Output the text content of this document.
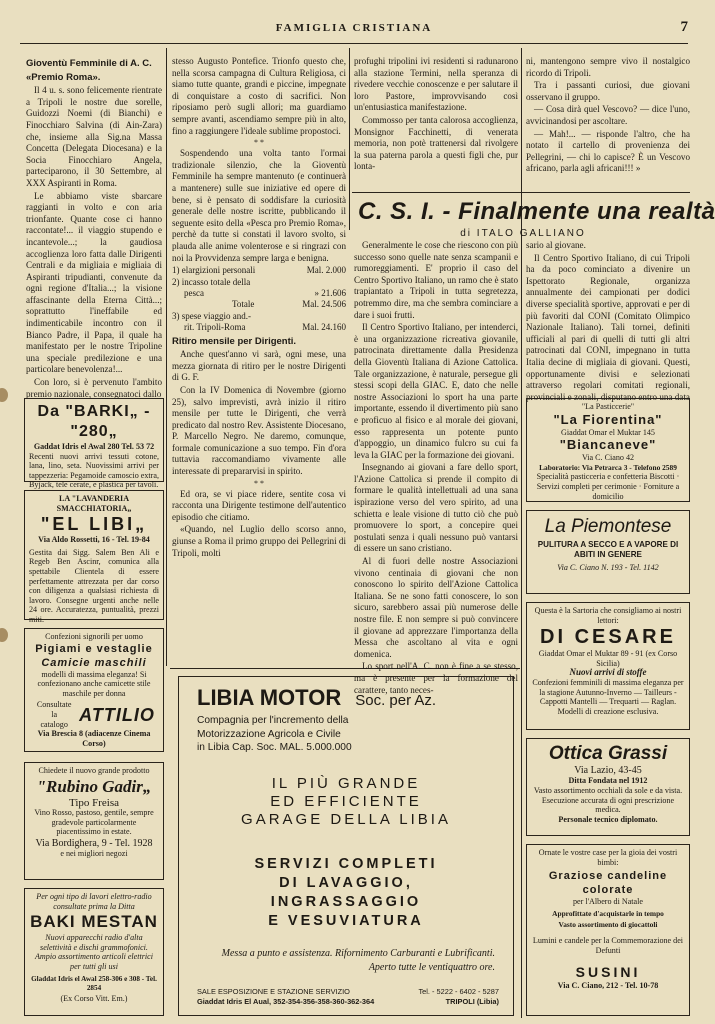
FAMIGLIA CRISTIANA	7
Gioventù Femminile di A. C.
«Premio Roma».

Il 4 u. s. sono felicemente rientrate a Tripoli le nostre due sorelle, Guidozzi Noemi (di Bianchi) e Finocchiaro Salvina (di Ain-Zara) che, insieme alla Sig.na Massa Concetta (Delegata Diocesana) e la Socia Finocchiaro Angela, parteciparono, il 30 Settembre, al XXX Aspiranti in Roma.

Le abbiamo viste sbarcare raggianti in volto e con aria trionfante. Quante cose ci hanno raccontate!... il viaggio stupendo e incantevole...; la gaudiosa accoglienza loro fatta dalle Dirigenti Centrali e da migliaia e migliaia di Aspiranti tripudianti, convenute da ogni regione d'Italia...; la visione affascinante della Eterna Città...; soprattutto l'ineffabile ed indimenticabile incontro con il Bianco Padre, il Papa, il quale ha manifestato per le nostre Tripoline una speciale predilezione e una particolare benevolenza!...

Con loro, si è pervenuto l'ambito premio nazionale, consegnatoci dallo

Da "BARKI„ -"280„
Gaddat Idris el Awal 280 Tel. 53 72
Recenti nuovi arrivi tessuti cotone, lana, lino, seta. Nuovissimi arrivi per tappezzeria: Pegamoide camoscio extra, Byjack, tele cerate, e plastica per tavoli.
LA "LAVANDERIA SMACCHIATORIA„
"EL LIBI„
Via Aldo Rossetti, 16 - Tel. 19-84
Gestita dai Sigg. Salem Ben Ali e Regeb Ben Ascinr, comunica alla spettabile Clientela di essere perfettamente attrezzata per dar corso con diligenza a qualsiasi richiesta di lavoro. Consegne urgenti anche nelle 24 ore. Accuratezza, puntualità, prezzi miti.
Confezioni signorili per uomo
Pigiami e vestaglie
Camicie maschili
modelli di massima eleganza! Si confezionano anche camicette stile maschile per donna
Consultate la
catalogo ATTILIO
Via Brescia 8 (adiacenze Cinema Corso)
Chiedete il nuovo grande prodotto
"Rubino Gadir„
Tipo Freisa
Vino Rosso, pastoso, gentile, sempre gradevole particolarmente piacentissimo in estate.
Via Bordighera, 9 - Tel. 1928
e nei migliori negozi
Per ogni tipo di lavori elettro-radio consultate prima la Ditta
BAKI MESTAN
Nuovi apparecchi radio d'alta selettività e dischi grammofonici. Ampio assortimento articoli elettrici per tutti gli usi
Gladdat Idris el Awal 258-306 e 308 - Tel. 2854
(Ex Corso Vitt. Em.)

stesso Augusto Pontefice. Trionfo questo che, nella scorsa campagna di Cultura Religiosa, ci siamo tutte quante, grandi e piccine, impegnate di conquistare a costo di sacrifici. Non riposiamo però sugli allori; ma guardiamo sempre avanti, ascendiamo sempre più in alto, fino a raggiungere l'ideale sublime propostoci.

* *

Sospendendo una volta tanto l'ormai tradizionale silenzio, che la Gioventù Femminile ha sempre mantenuto (e continuerà a mantenere) sulle sue iniziative ed opere di bene, si è pensato di soddisfare la curiosità generale delle nostre iscritte, pubblicando il seguente esito della «Pesca pro Premio Roma», perchè da tutte si constati il lavoro svolto, si plauda alle anime volenterose e si ringrazi con noi la Provvidenza sempre larga e benigna.

1) elargizioni personali	Mal. 2.000
2) incasso totale della
pesca	» 21.606
Totale	Mal. 24.506
3) spese viaggio and.-
rit. Tripoli-Roma	Mal. 24.160
Ritiro mensile per Dirigenti.

Anche quest'anno vi sarà, ogni mese, una mezza giornata di ritiro per le nostre Dirigenti di G. F.

Con la IV Domenica di Novembre (giorno 25), salvo imprevisti, avrà inizio il ritiro mensile per tutte le Dirigenti, che verrà predicato dal nostro Rev. Assistente Diocesano, P. Marcello Negro. Ne daremo, comunque, formale comunicazione a suo tempo. Fin d'ora tuttavia raccomandiamo vivamente alle interessate di prepararvisi in spirito.

* *

Ed ora, se vi piace ridere, sentite cosa vi racconta una Dirigente testimone dell'autentico episodio che citiamo.

«Quando, nel Luglio dello scorso anno, giunse a Roma il primo gruppo dei Pellegrini di Tripoli, molti

profughi tripolini ivi residenti si radunarono alla stazione Termini, nella speranza di rivedere vecchie conoscenze e per salutare il loro Pastore, improvvisando così un'entusiastica manifestazione.

Commosso per tanta calorosa accoglienza, Monsignor Facchinetti, di venerata memoria, non potè trattenersi dal rivolgere la sua paterna parola a questi figli che, pur lonta-

ni, mantengono sempre vivo il nostalgico ricordo di Tripoli.

Tra i passanti curiosi, due giovani osservano il gruppo.

— Cosa dirà quel Vescovo? — dice l'uno, avvicinandosi per ascoltare.

— Mah!... — risponde l'altro, che ha notato il cartello di provenienza dei Pellegrini, — chi lo capisce? È un Vescovo africano, parla agli africani!!! »

C. S. I. - Finalmente una realtà
di ITALO GALLIANO

Generalmente le cose che riescono con più successo sono quelle nate senza scampanii e rumoreggiamenti. E' proprio il caso del Centro Sportivo Italiano, un ramo che è stato trapiantato a Tripoli in tutta segretezza, potremmo dire, ma che sembra cominciare a dare i suoi frutti.

Il Centro Sportivo Italiano, per intenderci, è una organizzazione ricreativa giovanile, patrocinata direttamente dalla Presidenza della Gioventù Italiana di Azione Cattolica. Tale organizzazione, è naturale, persegue gli stessi scopi della GIAC. E, dato che nelle nostre Associazioni lo sport ha una parte importante, essendo il divertimento più sano e proficuo al fisico e al morale dei giovani, esso rappresenta un potente punto d'appoggio, un dinamico fulcro su cui fa leva la GIAC per la formazione dei giovani.

Insegnando ai giovani a fare dello sport, l'Azione Cattolica si prende il compito di formare le qualità intellettuali ad una sana ispirazione verso del vero spirito, ad una schietta e leale visione di tutto ciò che può promuovere lo sport, a concepire quei postulati senza i quali nessuno può vantarsi di essere un sano cristiano.

Al di fuori delle nostre Associazioni vivono centinaia di giovani che non conoscono lo spirito dell'Azione Cattolica Italiana. Se ne sono fatti conoscere, lo son sicuro, sarebbero assai più numerose delle nostre file. E non sempre si può convincere il giovane ad apprezzare l'importanza della Messa che ascoltano al vita e ogni domenica.

Lo sport nell'A. C. non è fine a se stesso, ma è presente per la formazione del carattere, tanto neces-

sario al giovane.

Il Centro Sportivo Italiano, di cui Tripoli ha da poco cominciato a divenire un Ispettorato Regionale, organizza annualmente dei campionati per dodici diverse specialità sportive, approvati e per di più favoriti dal CONI (Comitato Olimpico Nazionale Italiano). Tali tornei, definiti ufficiali al pari di quelli di tutti gli altri patrocinati dal CONI, impegnano in tutta Italia decine di migliaia di giovani. Questi, opportunamente divisi e selezionati attraverso regolari comitati regionali, provinciali e zonali, disputano entro una data

"La Pasticcerie"
"La Fiorentina"
Giaddat Omar el Muktar 145
"Biancaneve"
Via C. Ciano 42
Laboratorio: Via Petrarca 3 - Telefono 2589
Specialità pasticceria e confetteria Biscotti · Servizi completi per cerimonie · Forniture a domicilio
La Piemontese
PULITURA A SECCO E A VAPORE DI ABITI IN GENERE
Via C. Ciano N. 193 - Tel. 1142
Questa è la Sartoria che consigliamo ai nostri lettori:
DI CESARE
Giaddat Omar el Muktar 89 - 91 (ex Corso Sicilia)
Nuovi arrivi di stoffe
Confezioni femminili di massima eleganza per la stagione Autunno-Inverno — Tailleurs - Cappotti Mantelli — Trequarti — Raglan. Modelli di creazione esclusiva.
Ottica Grassi
Via Lazio, 43-45
Ditta Fondata nel 1912
Vasto assortimento occhiali da sole e da vista. Esecuzione accurata di ogni prescrizione medica.
Personale tecnico diplomato.
Ornate le vostre case per la gioia dei vostri bimbi:
Graziose candeline colorate
per l'Albero di Natale
Approfittate d'acquistarle in tempo
Vasto assortimento di giocattoli
Lumini e candele per la Commemorazione dei Defunti
SUSINI
Via C. Ciano, 212 - Tel. 10-78
LIBIA MOTOR Soc. per Az.
Compagnia per l'incremento della
Motorizzazione Agricola e Civile
in Libia Cap. Soc. MAL. 5.000.000
IL PIÙ GRANDE
ED EFFICIENTE
GARAGE DELLA LIBIA
SERVIZI COMPLETI
DI LAVAGGIO,
INGRASSAGGIO
E VESUVIATURA
Messa a punto e assistenza. Rifornimento Carburanti e Lubrificanti.
Aperto tutte le ventiquattro ore.
SALE ESPOSIZIONE E STAZIONE SERVIZIO	Tel. - 5222 - 6402 - 5287
Giaddat Idris El Aual, 352-354-356-358-360-362-364	TRIPOLI (Libia)
